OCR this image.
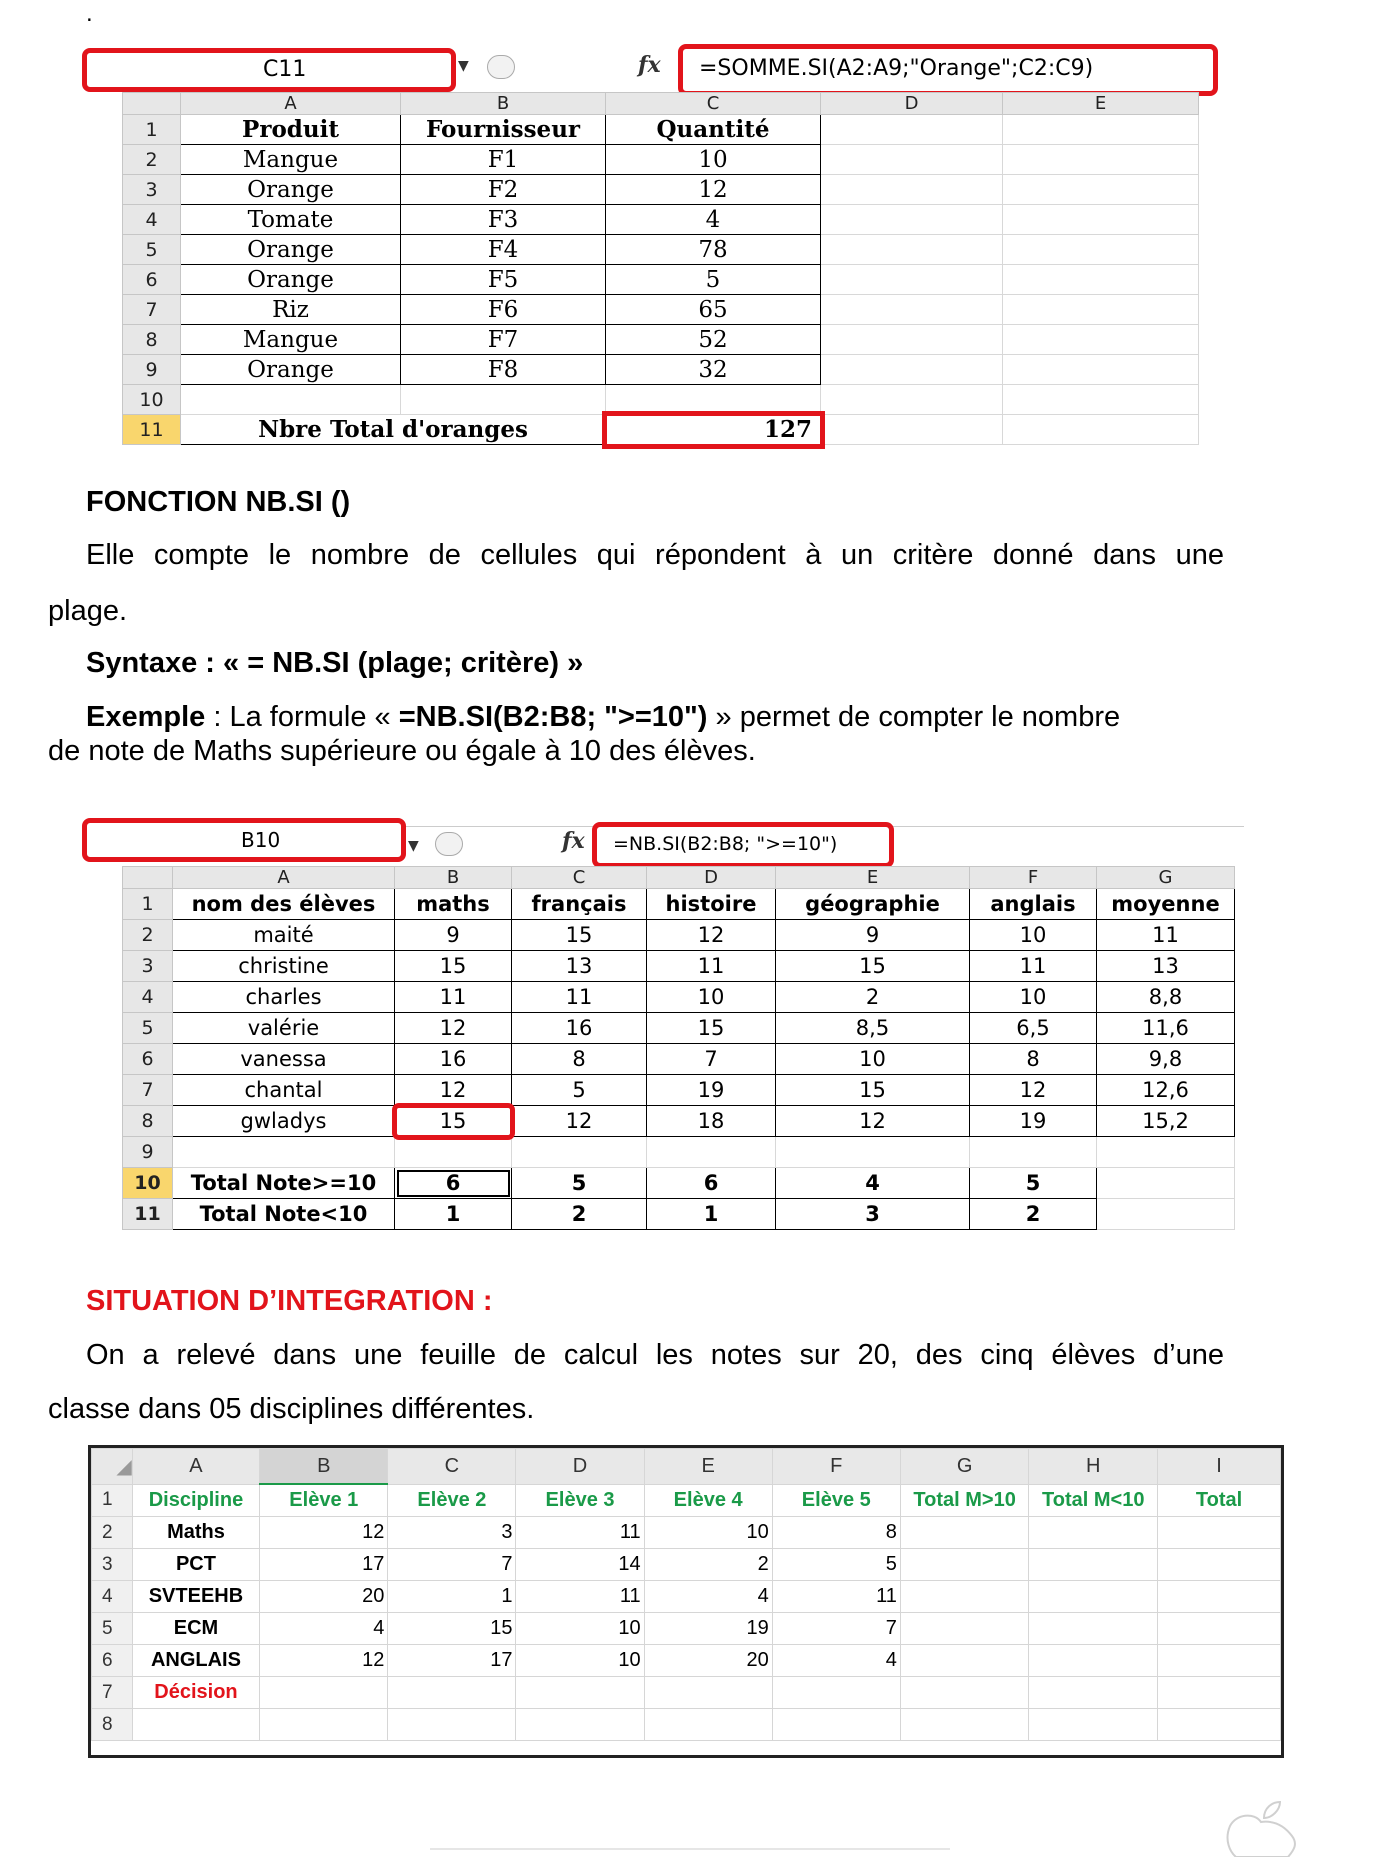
.
C11	▼	fx =SOMME.SI(A2:A9;"Orange";C2:C9)
	A	B	C	D	E
1	Produit	Fournisseur	Quantité		
2	Mangue	F1	10		
3	Orange	F2	12		
4	Tomate	F3	4		
5	Orange	F4	78		
6	Orange	F5	5		
7	Riz	F6	65		
8	Mangue	F7	52		
9	Orange	F8	32		
10					
11	Nbre Total d'oranges		127		
FONCTION NB.SI ()
Elle compte le nombre de cellules qui répondent à un critère donné dans une
plage.
Syntaxe : « = NB.SI (plage; critère) »
Exemple : La formule « =NB.SI(B2:B8; ">=10") » permet de compter le nombre
de note de Maths supérieure ou égale à 10 des élèves.
B10	▼	fx =NB.SI(B2:B8; ">=10")
	A	B	C	D	E	F	G
1	nom des élèves	maths	français	histoire	géographie	anglais	moyenne
2	maité	9	15	12	9	10	11
3	christine	15	13	11	15	11	13
4	charles	11	11	10	2	10	8,8
5	valérie	12	16	15	8,5	6,5	11,6
6	vanessa	16	8	7	10	8	9,8
7	chantal	12	5	19	15	12	12,6
8	gwladys	15	12	18	12	19	15,2
9							
10	Total Note>=10	6	5	6	4	5	
11	Total Note<10	1	2	1	3	2	
SITUATION D’INTEGRATION :
On a relevé dans une feuille de calcul les notes sur 20, des cinq élèves d’une
classe dans 05 disciplines différentes.
◢	A	B	C	D	E	F	G	H	I
1	Discipline	Elève 1	Elève 2	Elève 3	Elève 4	Elève 5	Total M>10	Total M<10	Total
2	Maths	12	3	11	10	8			
3	PCT	17	7	14	2	5			
4	SVTEEHB	20	1	11	4	11			
5	ECM	4	15	10	19	7			
6	ANGLAIS	12	17	10	20	4			
7	Décision								
8									
